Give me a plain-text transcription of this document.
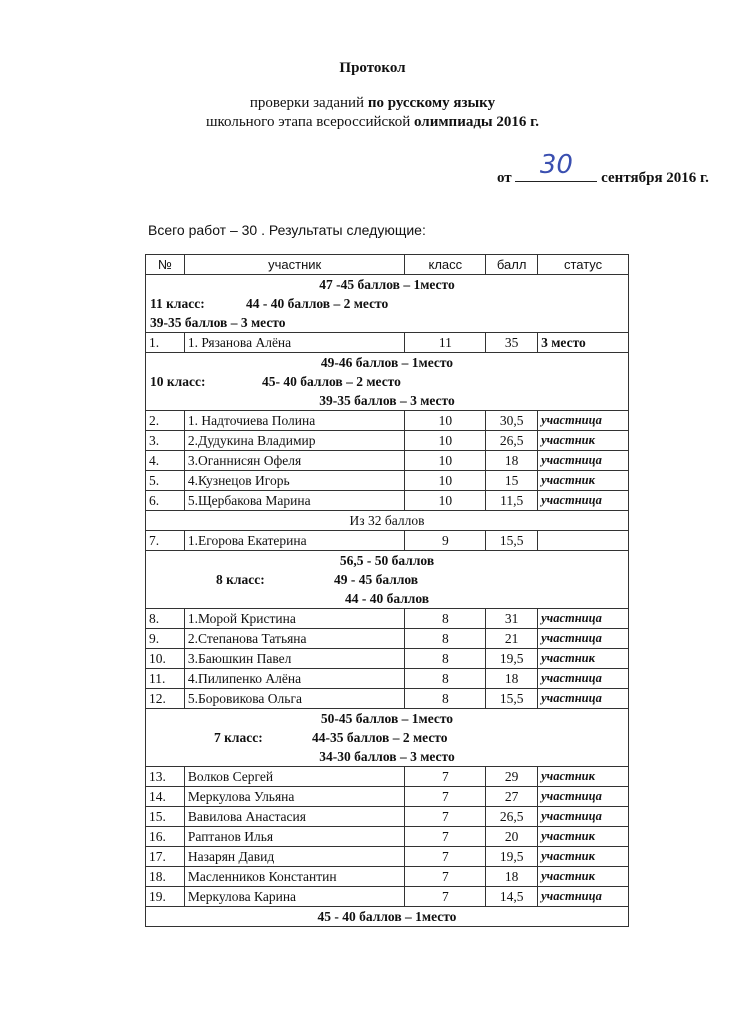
Протокол
проверки заданий по русскому языку
школьного этапа всероссийской олимпиады 2016 г.
от	30	сентября 2016 г.
Всего работ – 30 . Результаты следующие:
№	участник	класс	балл	статус

47 -45 баллов – 1место
11 класс: 44 - 40 баллов – 2 место
39-35 баллов – 3 место				

1.	1. Рязанова Алёна	11	35	3 место

49-46 баллов – 1место
10 класс: 45- 40 баллов – 2 место
39-35 баллов – 3 место				

2.	1. Надточиева Полина	10	30,5	участница
3.	2.Дудукина Владимир	10	26,5	участник
4.	3.Оганнисян Офеля	10	18	участница
5.	4.Кузнецов Игорь	10	15	участник
6.	5.Щербакова Марина	10	11,5	участница
Из 32 баллов				
7.	1.Егорова Екатерина	9	15,5	

56,5 - 50 баллов
8 класс: 49 - 45 баллов
44 - 40 баллов				

8.	1.Морой Кристина	8	31	участница
9.	2.Степанова Татьяна	8	21	участница
10.	3.Баюшкин Павел	8	19,5	участник
11.	4.Пилипенко Алёна	8	18	участница
12.	5.Боровикова Ольга	8	15,5	участница

50-45 баллов – 1место
7 класс: 44-35 баллов – 2 место
34-30 баллов – 3 место				

13.	Волков Сергей	7	29	участник
14.	Меркулова Ульяна	7	27	участница
15.	Вавилова Анастасия	7	26,5	участница
16.	Раптанов Илья	7	20	участник
17.	Назарян Давид	7	19,5	участник
18.	Масленников Константин	7	18	участник
19.	Меркулова Карина	7	14,5	участница

45 - 40 баллов – 1место				
